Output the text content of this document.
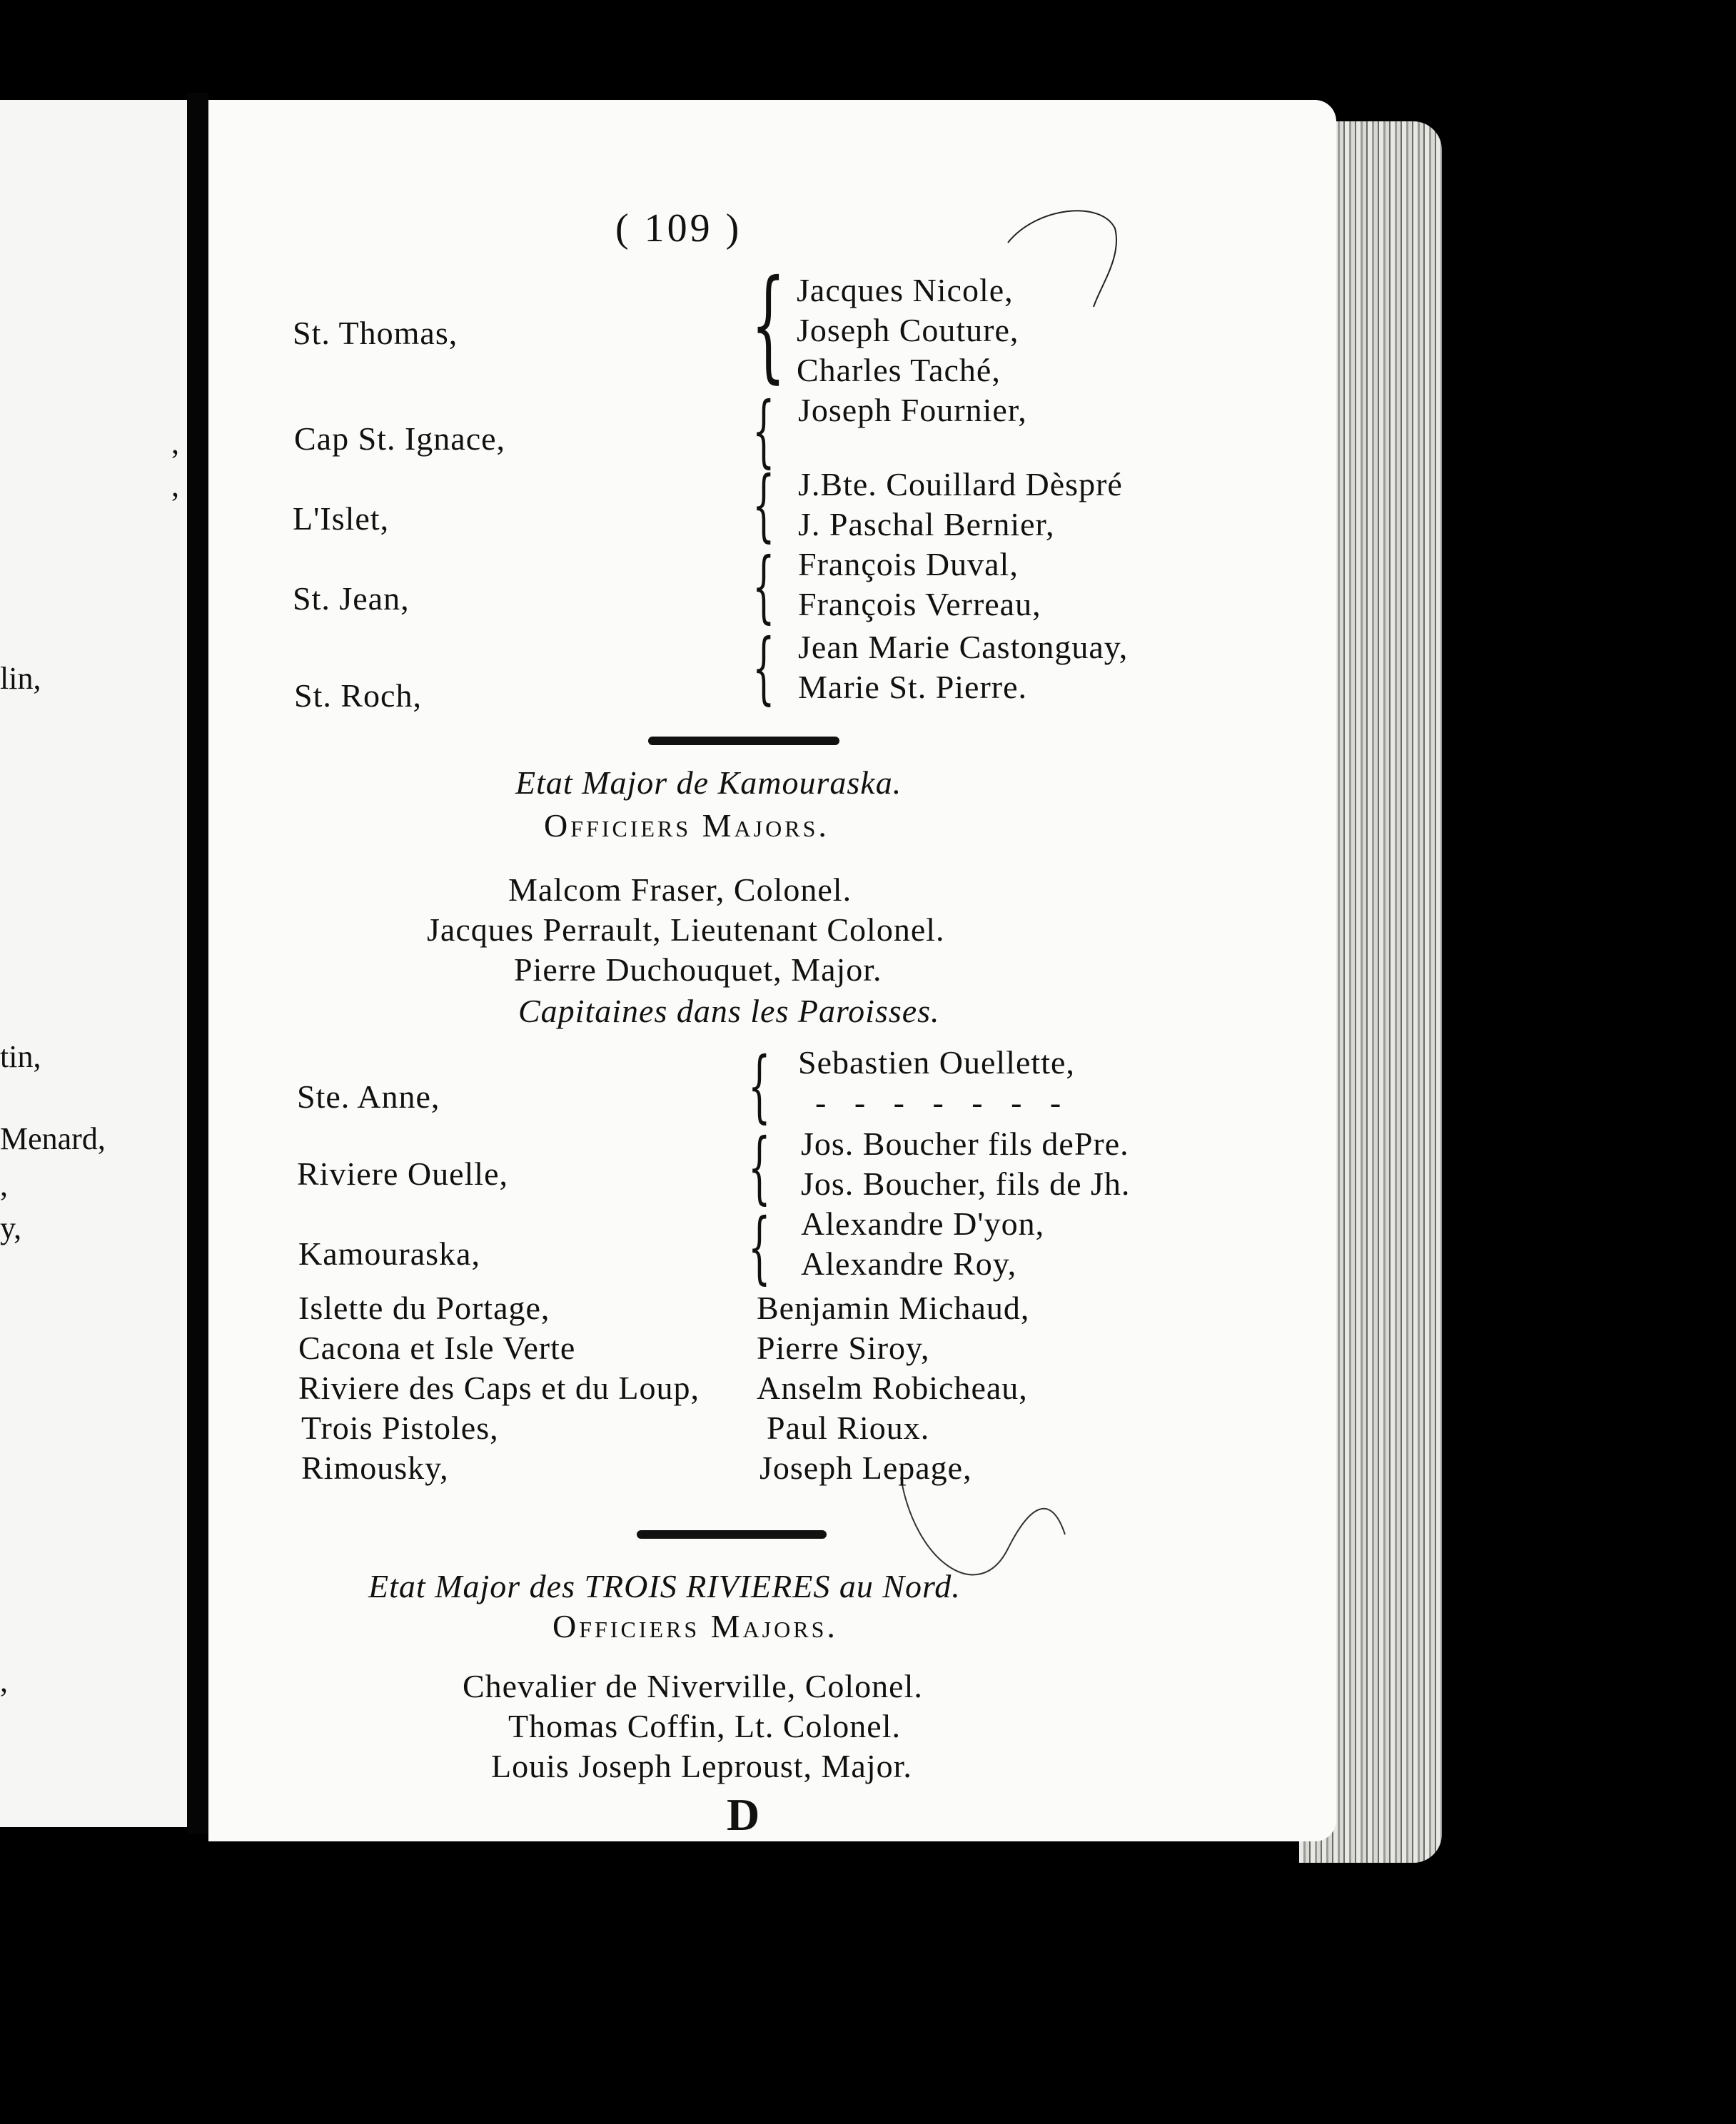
,
,
lin,
tin,
Menard,
,
y,
,
( 109 )
St. Thomas, { Jacques Nicole,
Joseph Couture,
Charles Taché,
Cap St. Ignace,	{ Joseph Fournier,
L'Islet,	{ J.Bte. Couillard Dèspré
J. Paschal Bernier,
St. Jean,	{ François Duval,
François Verreau,
St. Roch,	{ Jean Marie Castonguay,
Marie St. Pierre.
Etat Major de Kamouraska.
Officiers Majors.
Malcom Fraser, Colonel.
Jacques Perrault, Lieutenant Colonel.
Pierre Duchouquet, Major.
Capitaines dans les Paroisses.
Ste. Anne,	{ Sebastien Ouellette,
- - - - - - -
Riviere Ouelle,	{ Jos. Boucher fils dePre.
Jos. Boucher, fils de Jh.
Kamouraska,	{ Alexandre D'yon,
Alexandre Roy,
Islette du Portage,	Benjamin Michaud,
Cacona et Isle Verte	Pierre Siroy,
Riviere des Caps et du Loup, Anselm Robicheau,
Trois Pistoles,	Paul Rioux.
Rimousky,	Joseph Lepage,
Etat Major des TROIS RIVIERES au Nord.
Officiers Majors.
Chevalier de Niverville, Colonel.
Thomas Coffin, Lt. Colonel.
Louis Joseph Leproust, Major.
D
